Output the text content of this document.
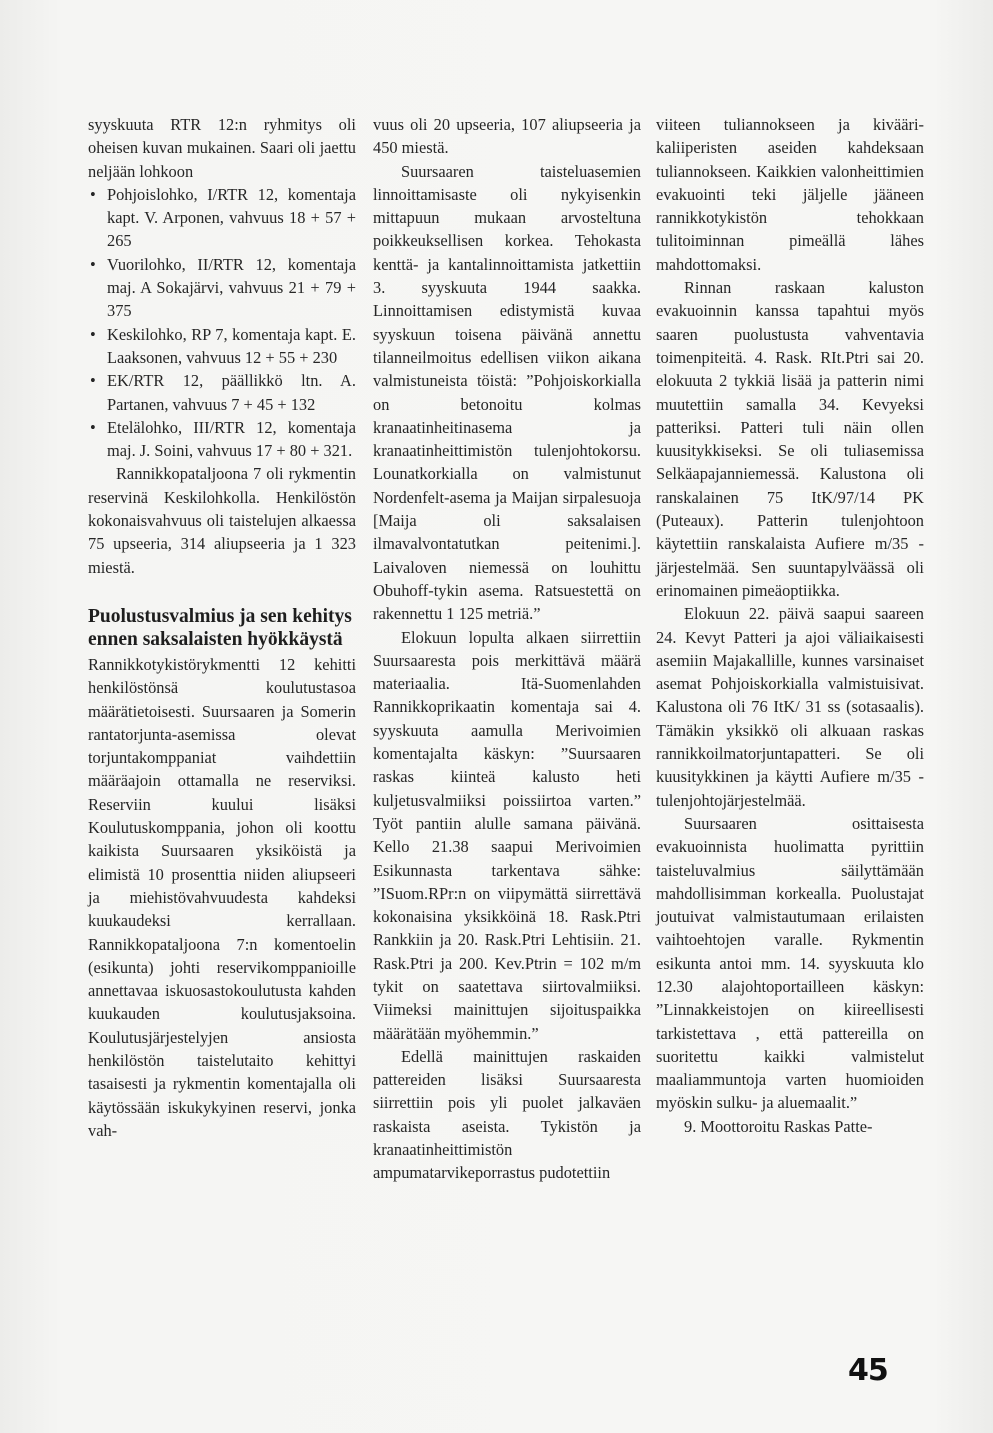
syyskuuta RTR 12:n ryhmitys oli oheisen kuvan mukainen. Saari oli jaettu neljään lohkoon

• Pohjoislohko, I/RTR 12, komentaja kapt. V. Arponen, vahvuus 18 + 57 + 265
• Vuorilohko, II/RTR 12, komentaja maj. A Sokajärvi, vahvuus 21 + 79 + 375
• Keskilohko, RP 7, komentaja kapt. E. Laaksonen, vahvuus 12 + 55 + 230
• EK/RTR 12, päällikkö ltn. A. Partanen, vahvuus 7 + 45 + 132
• Etelälohko, III/RTR 12, komentaja maj. J. Soini, vahvuus 17 + 80 + 321.

Rannikkopataljoona 7 oli rykmentin reservinä Keskilohkolla. Henkilöstön kokonaisvahvuus oli taistelujen alkaessa 75 upseeria, 314 aliupseeria ja 1 323 miestä.

Puolustusvalmius ja sen kehitys ennen saksalaisten hyökkäystä

Rannikkotykistörykmentti 12 kehitti henkilöstönsä koulutustasoa määrätietoisesti. Suursaaren ja Somerin rantatorjunta-asemissa olevat torjuntakomppaniat vaihdettiin määräajoin ottamalla ne reserviksi. Reserviin kuului lisäksi Koulutuskomppania, johon oli koottu kaikista Suursaaren yksiköistä ja elimistä 10 prosenttia niiden aliupseeri ja miehistövahvuudesta kahdeksi kuukaudeksi kerrallaan. Rannikkopataljoona 7:n komentoelin (esikunta) johti reservikomppanioille annettavaa iskuosastokoulutusta kahden kuukauden koulutusjaksoina. Koulutusjärjestelyjen ansiosta henkilöstön taistelutaito kehittyi tasaisesti ja rykmentin komentajalla oli käytössään iskukykyinen reservi, jonka vah-

vuus oli 20 upseeria, 107 aliupseeria ja 450 miestä.

Suursaaren taisteluasemien linnoittamisaste oli nykyisenkin mittapuun mukaan arvosteltuna poikkeuksellisen korkea. Tehokasta kenttä- ja kantalinnoittamista jatkettiin 3. syyskuuta 1944 saakka. Linnoittamisen edistymistä kuvaa syyskuun toisena päivänä annettu tilanneilmoitus edellisen viikon aikana valmistuneista töistä: ”Pohjoiskorkialla on betonoitu kolmas kranaatinheitinasema ja kranaatinheittimistön tulenjohtokorsu. Lounatkorkialla on valmistunut Nordenfelt-asema ja Maijan sirpalesuoja [Maija oli saksalaisen ilmavalvontatutkan peitenimi.]. Laivaloven niemessä on louhittu Obuhoff-tykin asema. Ratsuestettä on rakennettu 1 125 metriä.”

Elokuun lopulta alkaen siirrettiin Suursaaresta pois merkittävä määrä materiaalia. Itä-Suomenlahden Rannikkoprikaatin komentaja sai 4. syyskuuta aamulla Merivoimien komentajalta käskyn: ”Suursaaren raskas kiinteä kalusto heti kuljetusvalmiiksi poissiirtoa varten.” Työt pantiin alulle samana päivänä. Kello 21.38 saapui Merivoimien Esikunnasta tarkentava sähke: ”ISuom.RPr:n on viipymättä siirrettävä kokonaisina yksikköinä 18. Rask.Ptri Rankkiin ja 20. Rask.Ptri Lehtisiin. 21. Rask.Ptri ja 200. Kev.Ptrin = 102 m/m tykit on saatettava siirtovalmiiksi. Viimeksi mainittujen sijoituspaikka määrätään myöhemmin.”

Edellä mainittujen raskaiden pattereiden lisäksi Suursaaresta siirrettiin pois yli puolet jalkaväen raskaista aseista. Tykistön ja kranaatinheittimistön ampumatarvikeporrastus pudotettiin

viiteen tuliannokseen ja kivääri-kaliiperisten aseiden kahdeksaan tuliannokseen. Kaikkien valonheittimien evakuointi teki jäljelle jääneen rannikkotykistön tehokkaan tulitoiminnan pimeällä lähes mahdottomaksi.

Rinnan raskaan kaluston evakuoinnin kanssa tapahtui myös saaren puolustusta vahventavia toimenpiteitä. 4. Rask. RIt.Ptri sai 20. elokuuta 2 tykkiä lisää ja patterin nimi muutettiin samalla 34. Kevyeksi patteriksi. Patteri tuli näin ollen kuusitykkiseksi. Se oli tuliasemissa Selkäapajanniemessä. Kalustona oli ranskalainen 75 ItK/97/14 PK (Puteaux). Patterin tulenjohtoon käytettiin ranskalaista Aufiere m/35 -järjestelmää. Sen suuntapylväässä oli erinomainen pimeäoptiikka.

Elokuun 22. päivä saapui saareen 24. Kevyt Patteri ja ajoi väliaikaisesti asemiin Majakallille, kunnes varsinaiset asemat Pohjoiskorkialla valmistuisivat. Kalustona oli 76 ItK/ 31 ss (sotasaalis). Tämäkin yksikkö oli alkuaan raskas rannikkoilmatorjuntapatteri. Se oli kuusitykkinen ja käytti Aufiere m/35 -tulenjohtojärjestelmää.

Suursaaren osittaisesta evakuoinnista huolimatta pyrittiin taisteluvalmius säilyttämään mahdollisimman korkealla. Puolustajat joutuivat valmistautumaan erilaisten vaihtoehtojen varalle. Rykmentin esikunta antoi mm. 14. syyskuuta klo 12.30 alajohtoportailleen käskyn: ”Linnakkeistojen on kiireellisesti tarkistettava , että pattereilla on suoritettu kaikki valmistelut maaliammuntoja varten huomioiden myöskin sulku- ja aluemaalit.”

9. Moottoroitu Raskas Patte-

45
